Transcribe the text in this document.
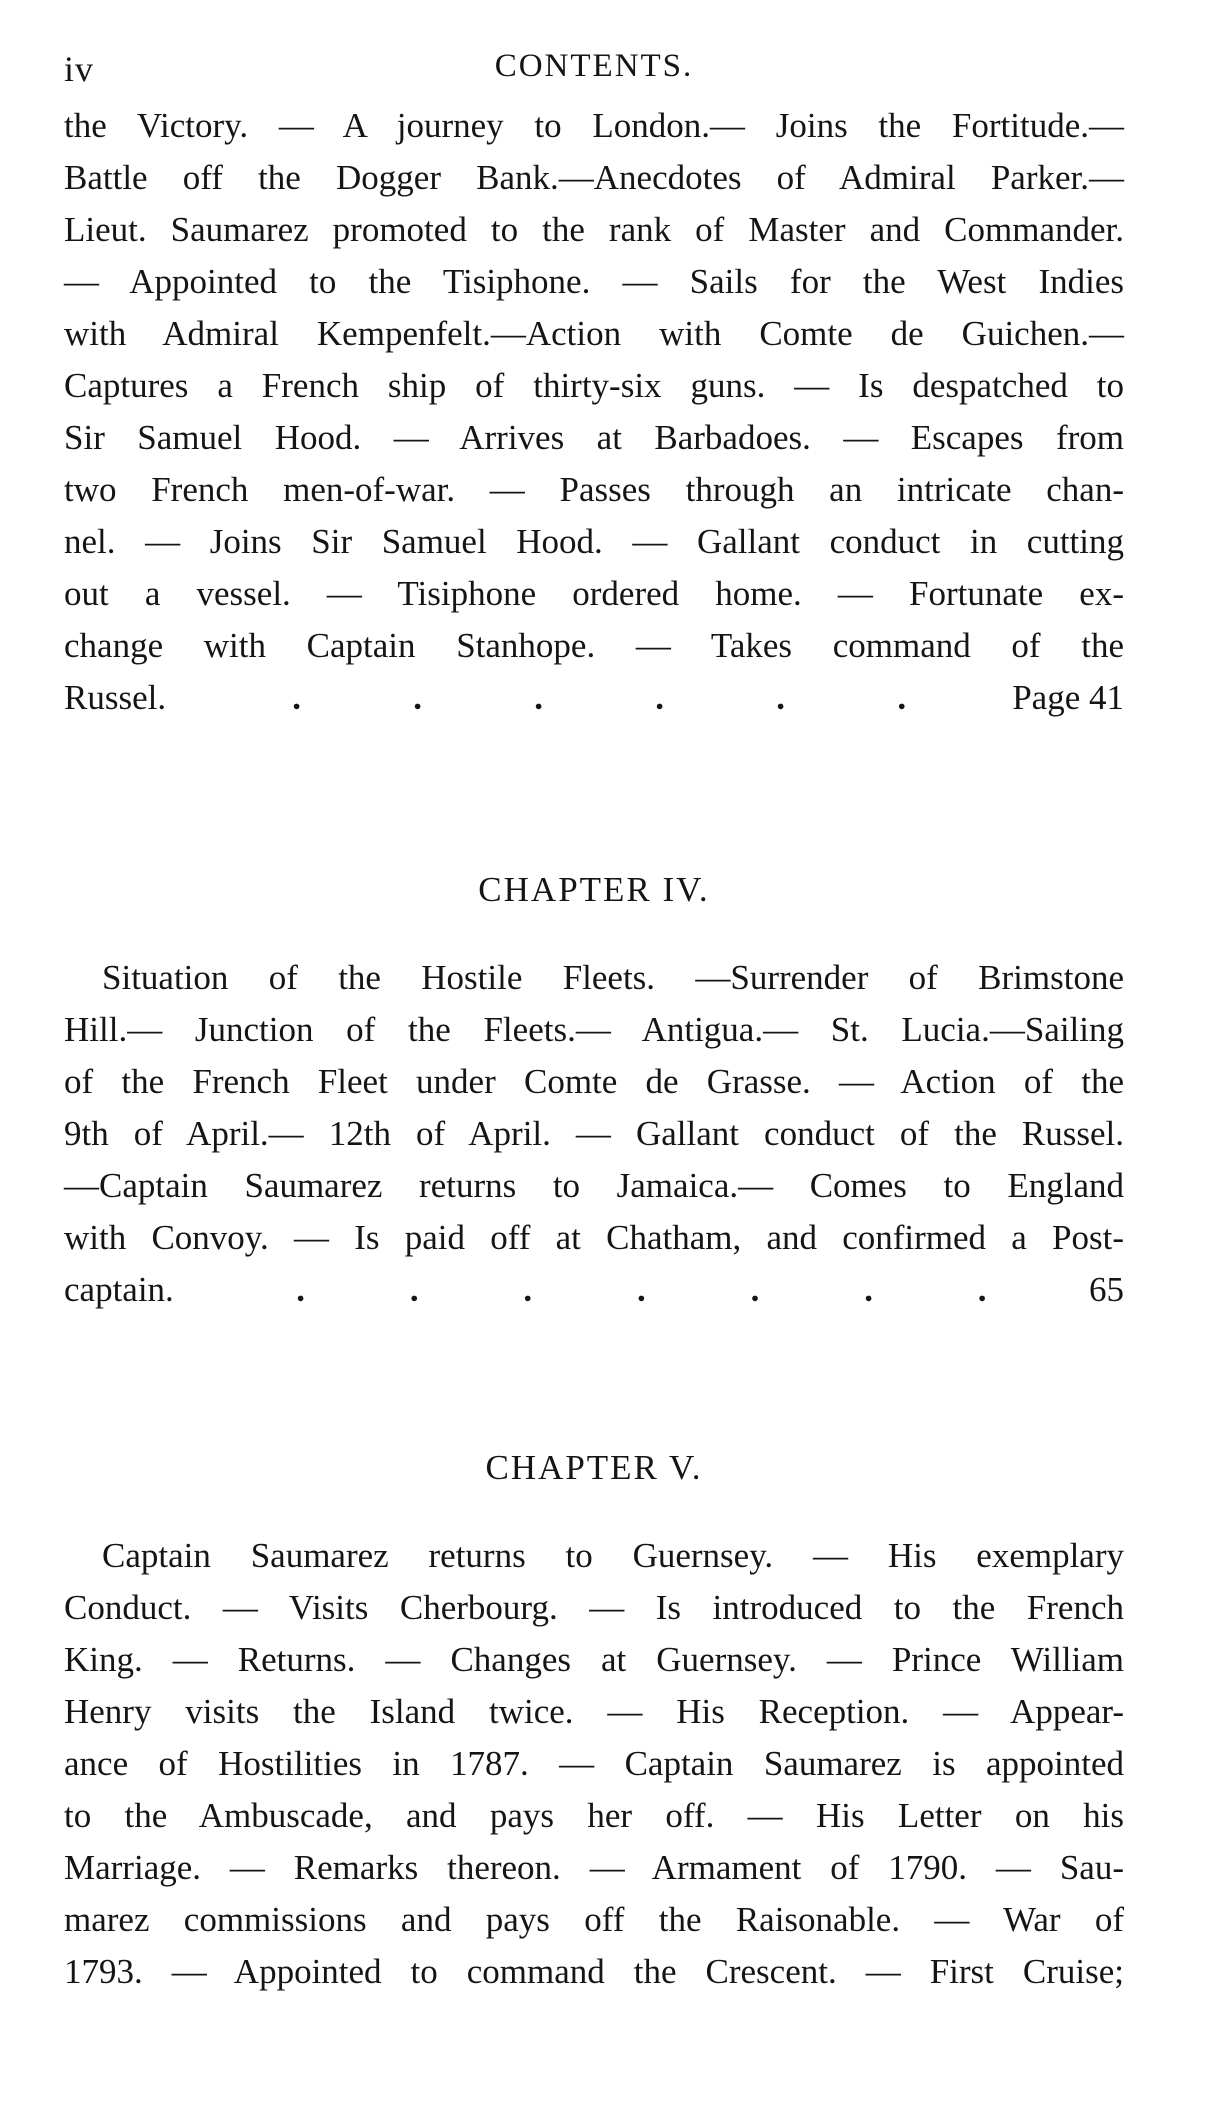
iv	CONTENTS.
the Victory. — A journey to London.— Joins the Fortitude.—
Battle off the Dogger Bank.—Anecdotes of Admiral Parker.—
Lieut. Saumarez promoted to the rank of Master and Commander.
— Appointed to the Tisiphone. — Sails for the West Indies
with Admiral Kempenfelt.—Action with Comte de Guichen.—
Captures a French ship of thirty-six guns. — Is despatched to
Sir Samuel Hood. — Arrives at Barbadoes. — Escapes from
two French men-of-war. — Passes through an intricate chan-
nel. — Joins Sir Samuel Hood. — Gallant conduct in cutting
out a vessel. — Tisiphone ordered home. — Fortunate ex-
change with Captain Stanhope. — Takes command of the
Russel.	.	.	.	.	.	.	Page 41
CHAPTER IV.
Situation of the Hostile Fleets. —Surrender of Brimstone
Hill.— Junction of the Fleets.— Antigua.— St. Lucia.—Sailing
of the French Fleet under Comte de Grasse. — Action of the
9th of April.— 12th of April. — Gallant conduct of the Russel.
—Captain Saumarez returns to Jamaica.— Comes to England
with Convoy. — Is paid off at Chatham, and confirmed a Post-
captain.	.	.	.	.	.	.	.	65
CHAPTER V.
Captain Saumarez returns to Guernsey. — His exemplary
Conduct. — Visits Cherbourg. — Is introduced to the French
King. — Returns. — Changes at Guernsey. — Prince William
Henry visits the Island twice. — His Reception. — Appear-
ance of Hostilities in 1787. — Captain Saumarez is appointed
to the Ambuscade, and pays her off. — His Letter on his
Marriage. — Remarks thereon. — Armament of 1790. — Sau-
marez commissions and pays off the Raisonable. — War of
1793. — Appointed to command the Crescent. — First Cruise;
